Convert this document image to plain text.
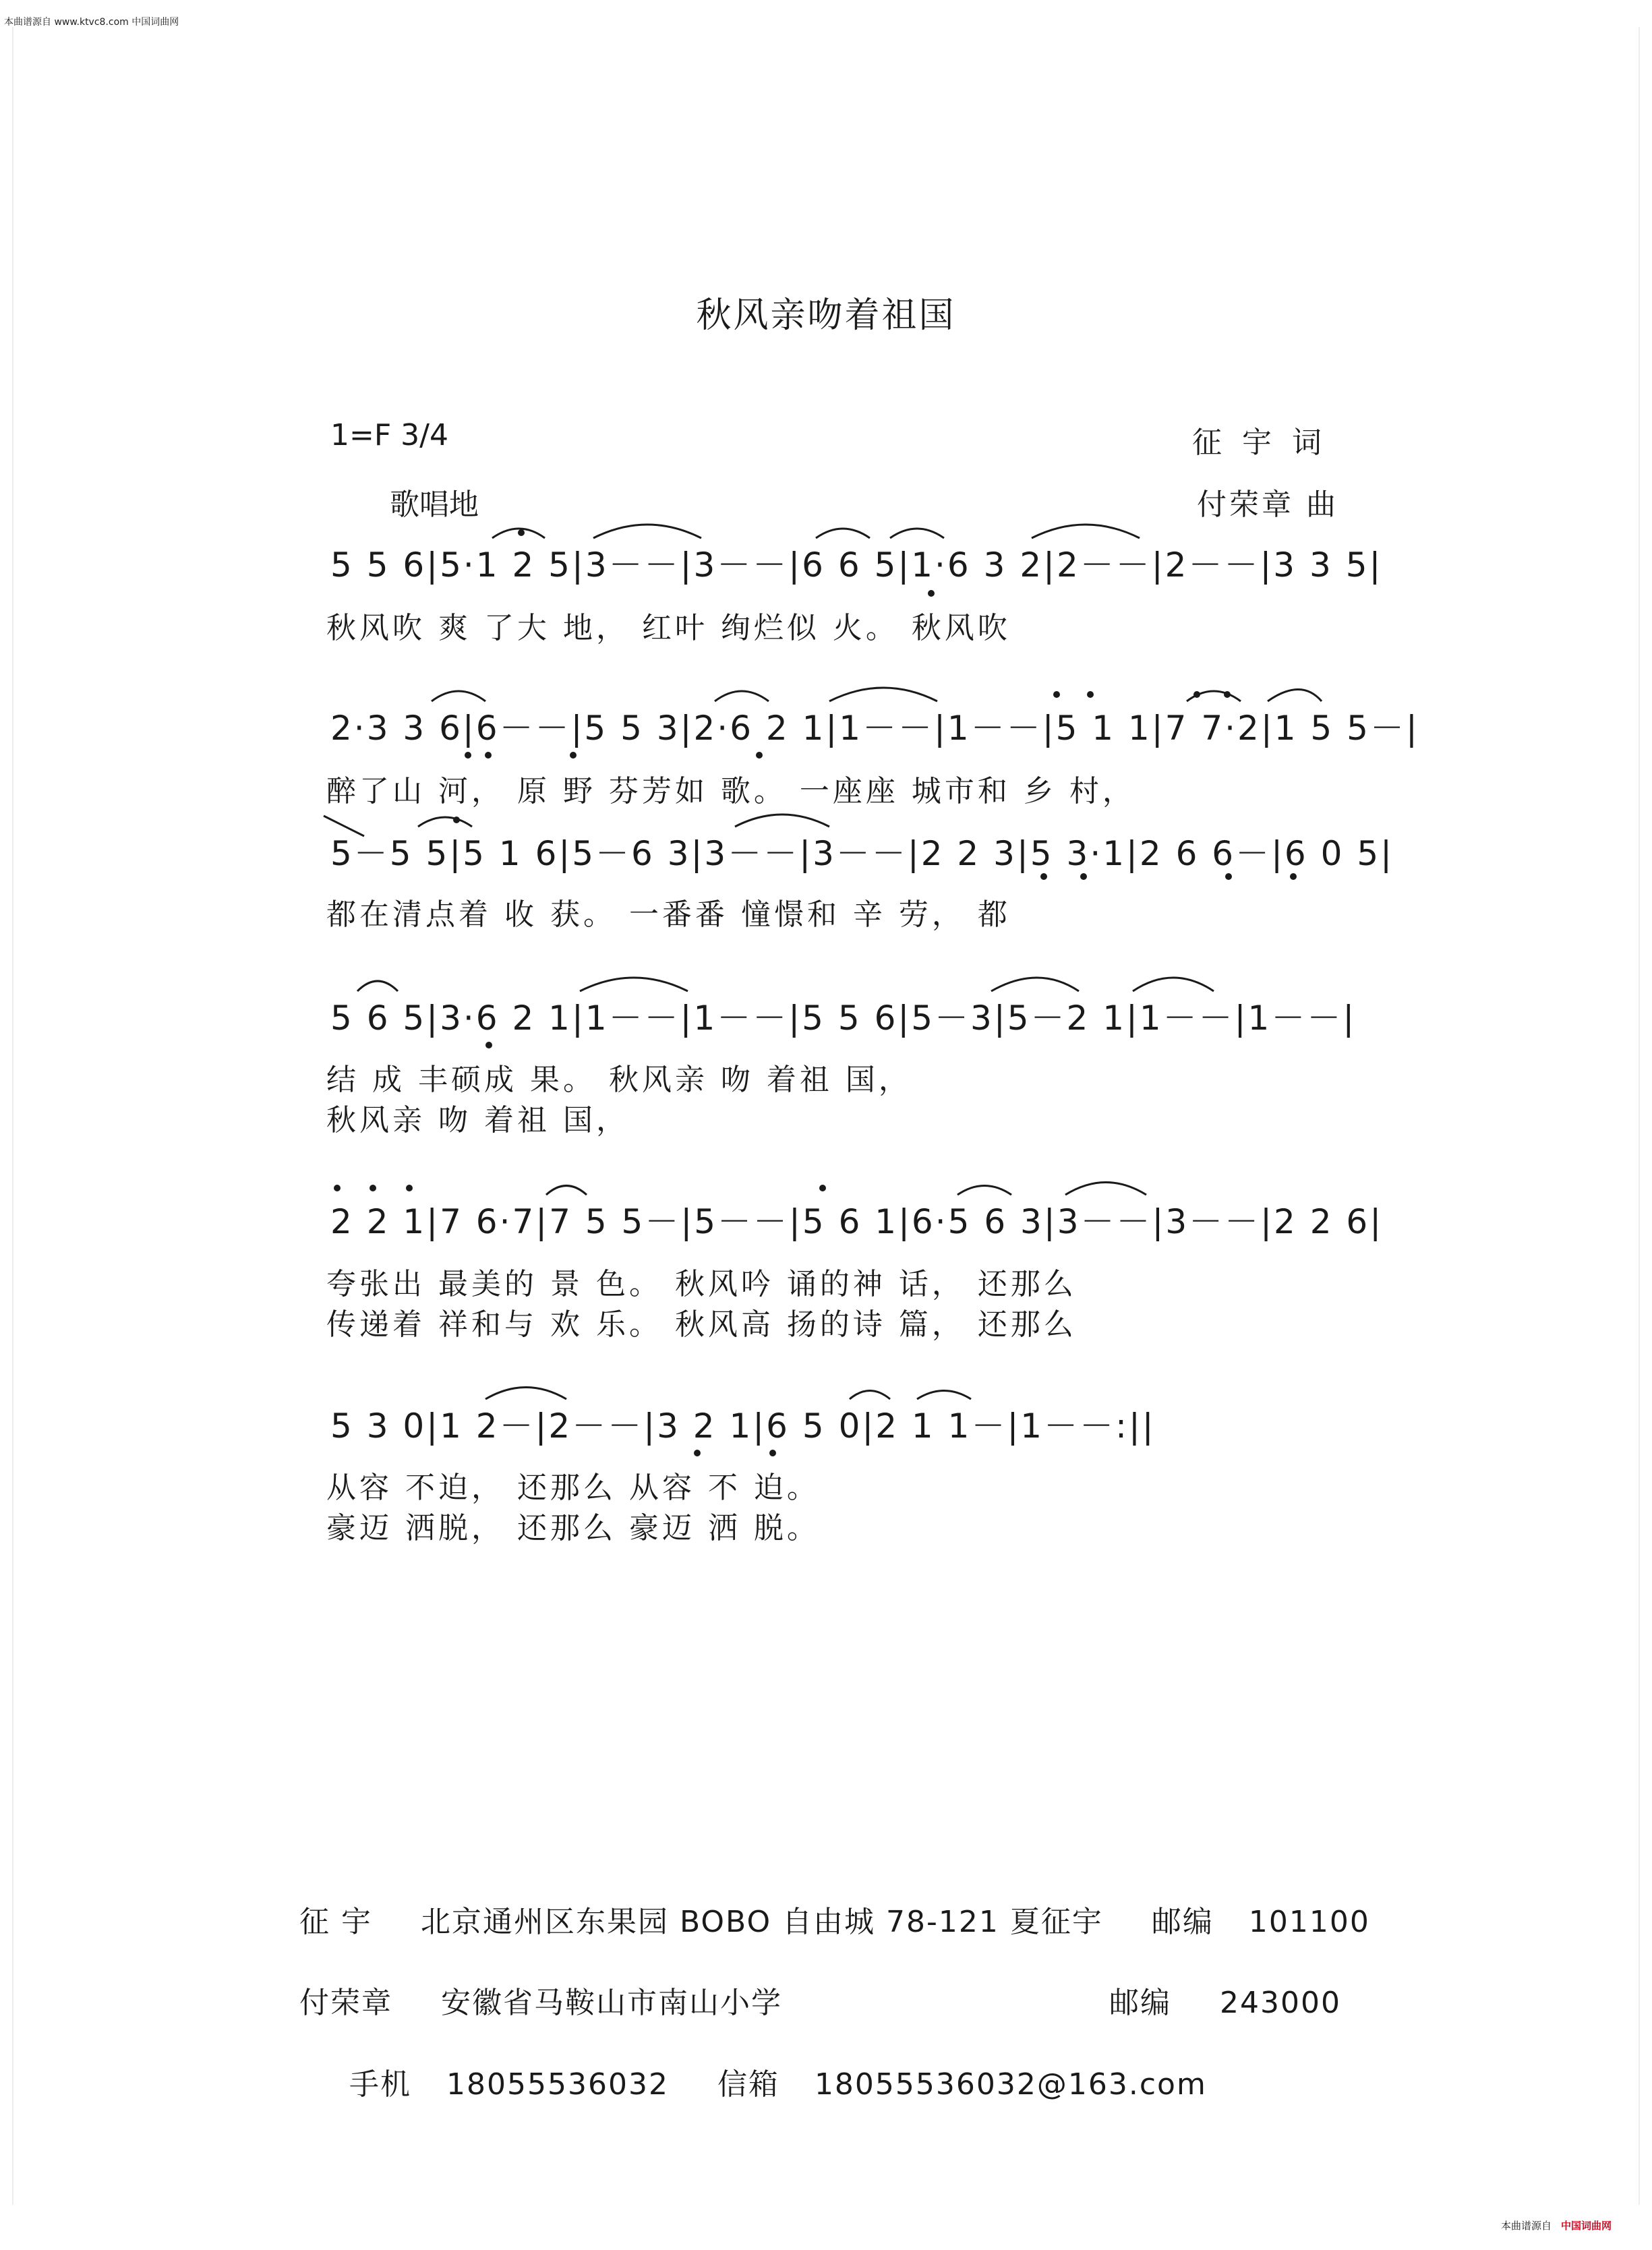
本曲谱源自 www.ktvc8.com 中国词曲网
秋风亲吻着祖国
1=F 3/4	征 宇 词
歌唱地	付荣章 曲
5 5 6|5·1 2 5|3－－|3－－|6 6 5|1·6 3 2|2－－|2－－|3 3 5|
秋风吹 爽 了大 地， 红叶 绚烂似 火。 秋风吹
2·3 3 6|6－－|5 5 3|2·6 2 1|1－－|1－－|5 1 1|7 7·2|1 5 5－|
醉了山 河， 原 野 芬芳如 歌。 一座座 城市和 乡 村，
5－5 5|5 1 6|5－6 3|3－－|3－－|2 2 3|5 3·1|2 6 6－|6 0 5|
都在清点着 收 获。 一番番 憧憬和 辛 劳， 都
5 6 5|3·6 2 1|1－－|1－－|5 5 6|5－3|5－2 1|1－－|1－－|
结 成 丰硕成 果。 秋风亲 吻 着祖 国，
秋风亲 吻 着祖 国，
2 2 1|7 6·7|7 5 5－|5－－|5 6 1|6·5 6 3|3－－|3－－|2 2 6|
夸张出 最美的 景 色。 秋风吟 诵的神 话， 还那么
传递着 祥和与 欢 乐。 秋风高 扬的诗 篇， 还那么
5 3 0|1 2－|2－－|3 2 1|6 5 0|2 1 1－|1－－:||
从容 不迫， 还那么 从容 不 迫。
豪迈 洒脱， 还那么 豪迈 洒 脱。
征 宇 北京通州区东果园 BOBO 自由城 78-121 夏征宇 邮编 101100
付荣章 安徽省马鞍山市南山小学	邮编 243000
手机 18055536032 信箱 18055536032@163.com
本曲谱源自 中国词曲网
